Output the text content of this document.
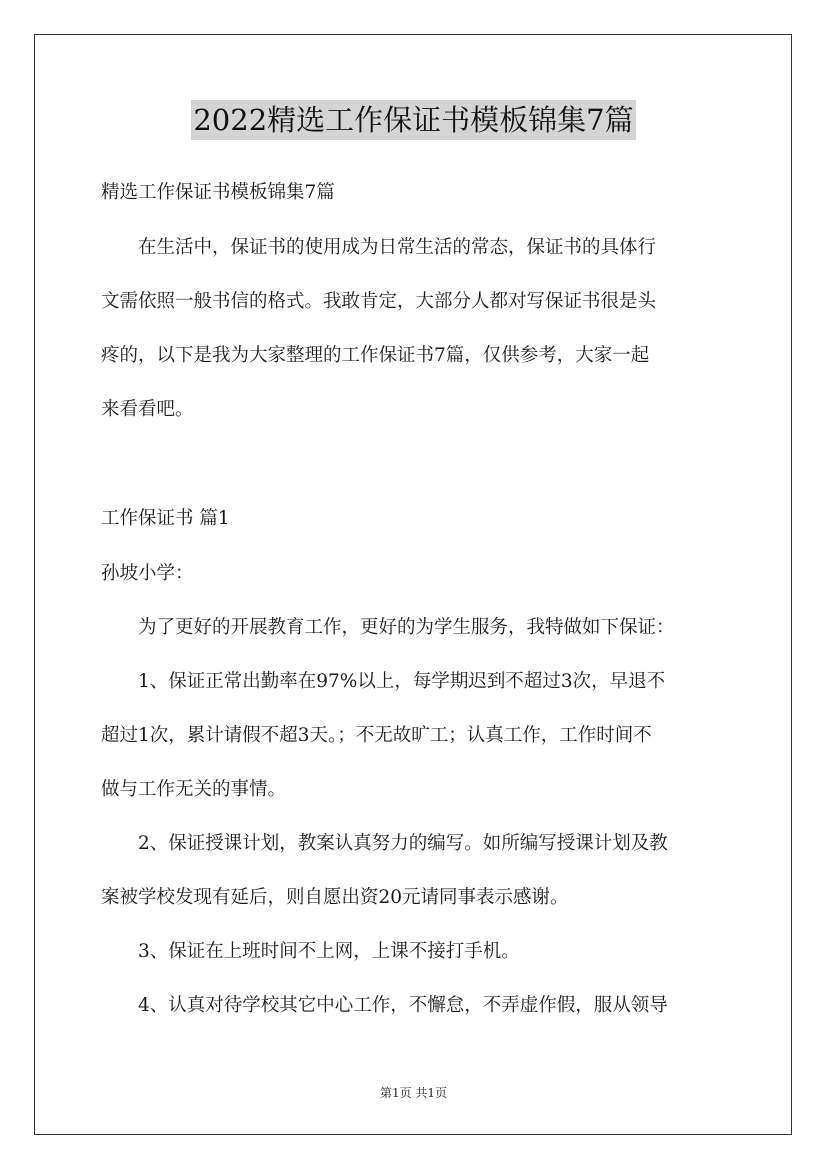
2022精选工作保证书模板锦集7篇
精选工作保证书模板锦集7篇
　　在生活中，保证书的使用成为日常生活的常态，保证书的具体行
文需依照一般书信的格式。我敢肯定，大部分人都对写保证书很是头
疼的，以下是我为大家整理的工作保证书7篇，仅供参考，大家一起
来看看吧。
工作保证书 篇1
孙坡小学：
　　为了更好的开展教育工作，更好的为学生服务，我特做如下保证：
　　1、保证正常出勤率在97%以上，每学期迟到不超过3次，早退不
超过1次，累计请假不超3天。；不无故旷工；认真工作，工作时间不
做与工作无关的事情。
　　2、保证授课计划，教案认真努力的编写。如所编写授课计划及教
案被学校发现有延后，则自愿出资20元请同事表示感谢。
　　3、保证在上班时间不上网，上课不接打手机。
　　4、认真对待学校其它中心工作，不懈怠，不弄虚作假，服从领导
第1页 共1页
